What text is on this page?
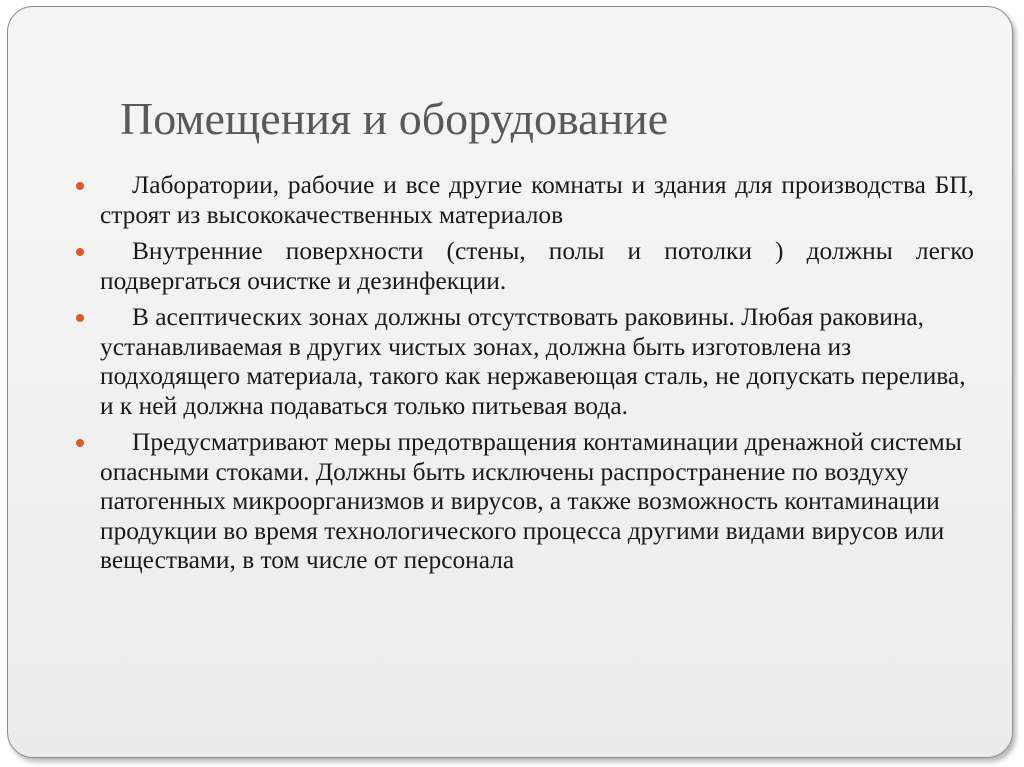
Помещения и оборудование
Лаборатории, рабочие и все другие комнаты и здания для производства БП, строят из высококачественных материалов
Внутренние поверхности (стены, полы и потолки ) должны легко подвергаться очистке и дезинфекции.
В асептических зонах должны отсутствовать раковины. Любая раковина, устанавливаемая в других чистых зонах, должна быть изготовлена из подходящего материала, такого как нержавеющая сталь, не допускать перелива, и к ней должна подаваться только питьевая вода.
Предусматривают меры предотвращения контаминации дренажной системы опасными стоками. Должны быть исключены распространение по воздуху патогенных микроорганизмов и вирусов, а также возможность контаминации продукции во время технологического процесса другими видами вирусов или веществами, в том числе от персонала
